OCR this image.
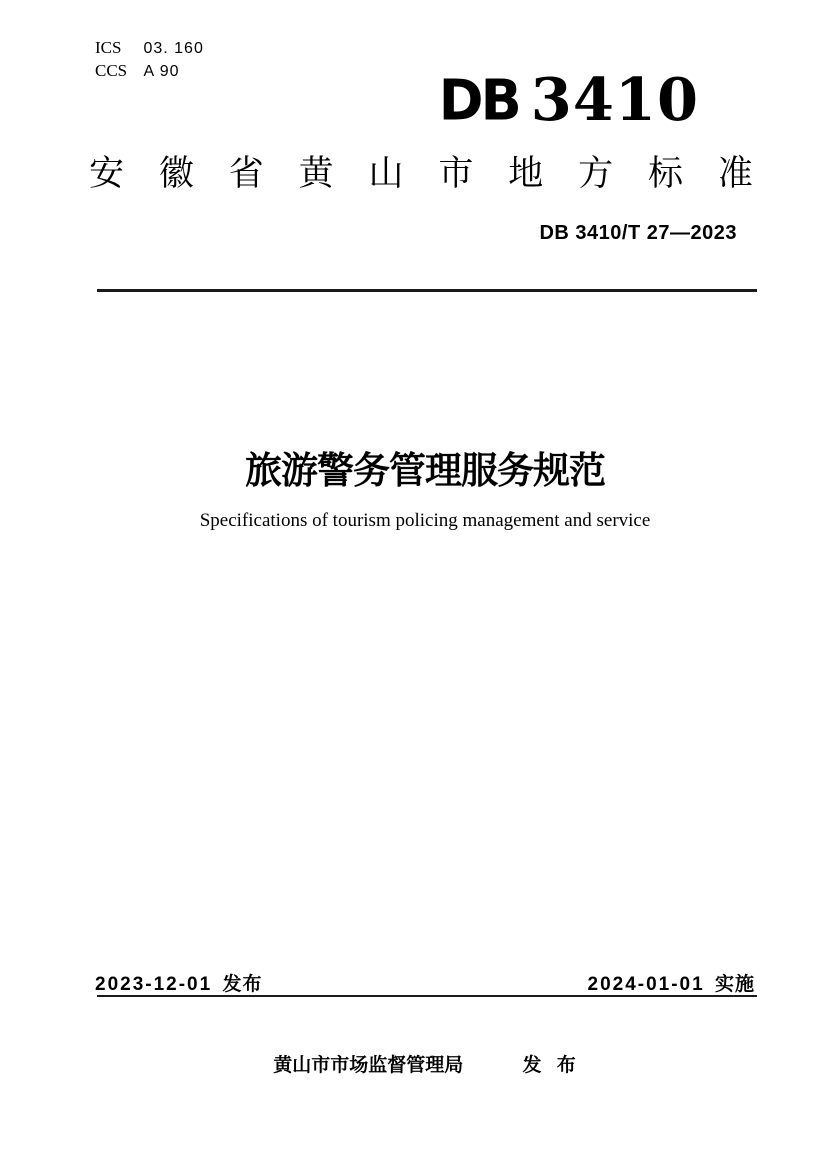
ICS 03. 160
CCS A 90	DB 3410
安 徽 省 黄 山 市 地 方 标 准
DB 3410/T 27—2023
旅游警务管理服务规范
Specifications of tourism policing management and service
2023-12-01 发布	2024-01-01 实施
黄山市市场监督管理局	发 布
